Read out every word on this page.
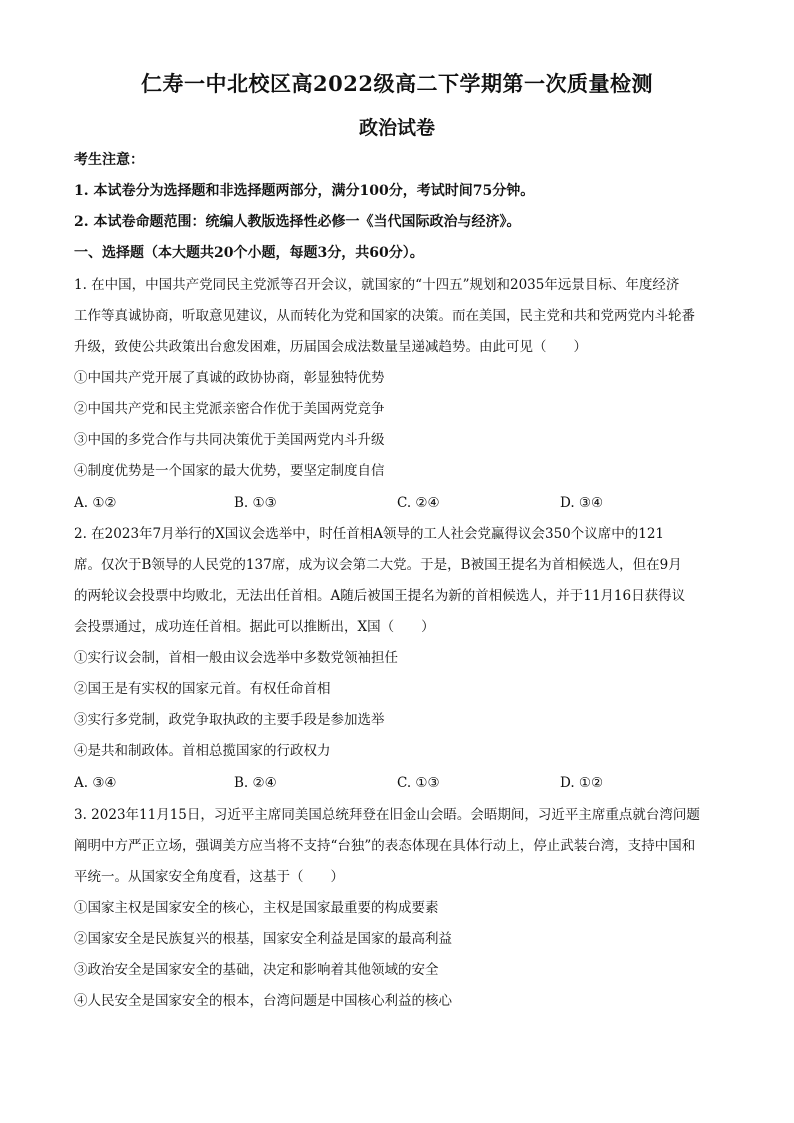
仁寿一中北校区高2022级高二下学期第一次质量检测
政治试卷
考生注意：
1. 本试卷分为选择题和非选择题两部分，满分100分，考试时间75分钟。
2. 本试卷命题范围：统编人教版选择性必修一《当代国际政治与经济》。
一、选择题（本大题共20个小题，每题3分，共60分）。
1. 在中国，中国共产党同民主党派等召开会议，就国家的“十四五”规划和2035年远景目标、年度经济
工作等真诚协商，听取意见建议，从而转化为党和国家的决策。而在美国，民主党和共和党两党内斗轮番
升级，致使公共政策出台愈发困难，历届国会成法数量呈递减趋势。由此可见（　　）
①中国共产党开展了真诚的政协协商，彰显独特优势
②中国共产党和民主党派亲密合作优于美国两党竞争
③中国的多党合作与共同决策优于美国两党内斗升级
④制度优势是一个国家的最大优势，要坚定制度自信
A. ①②	B. ①③	C. ②④	D. ③④
2. 在2023年7月举行的X国议会选举中，时任首相A领导的工人社会党赢得议会350个议席中的121
席。仅次于B领导的人民党的137席，成为议会第二大党。于是，B被国王提名为首相候选人，但在9月
的两轮议会投票中均败北，无法出任首相。A随后被国王提名为新的首相候选人，并于11月16日获得议
会投票通过，成功连任首相。据此可以推断出，X国（　　）
①实行议会制，首相一般由议会选举中多数党领袖担任
②国王是有实权的国家元首。有权任命首相
③实行多党制，政党争取执政的主要手段是参加选举
④是共和制政体。首相总揽国家的行政权力
A. ③④	B. ②④	C. ①③	D. ①②
3. 2023年11月15日，习近平主席同美国总统拜登在旧金山会晤。会晤期间，习近平主席重点就台湾问题
阐明中方严正立场，强调美方应当将不支持“台独”的表态体现在具体行动上，停止武装台湾，支持中国和
平统一。从国家安全角度看，这基于（　　）
①国家主权是国家安全的核心，主权是国家最重要的构成要素
②国家安全是民族复兴的根基，国家安全利益是国家的最高利益
③政治安全是国家安全的基础，决定和影响着其他领域的安全
④人民安全是国家安全的根本，台湾问题是中国核心利益的核心
